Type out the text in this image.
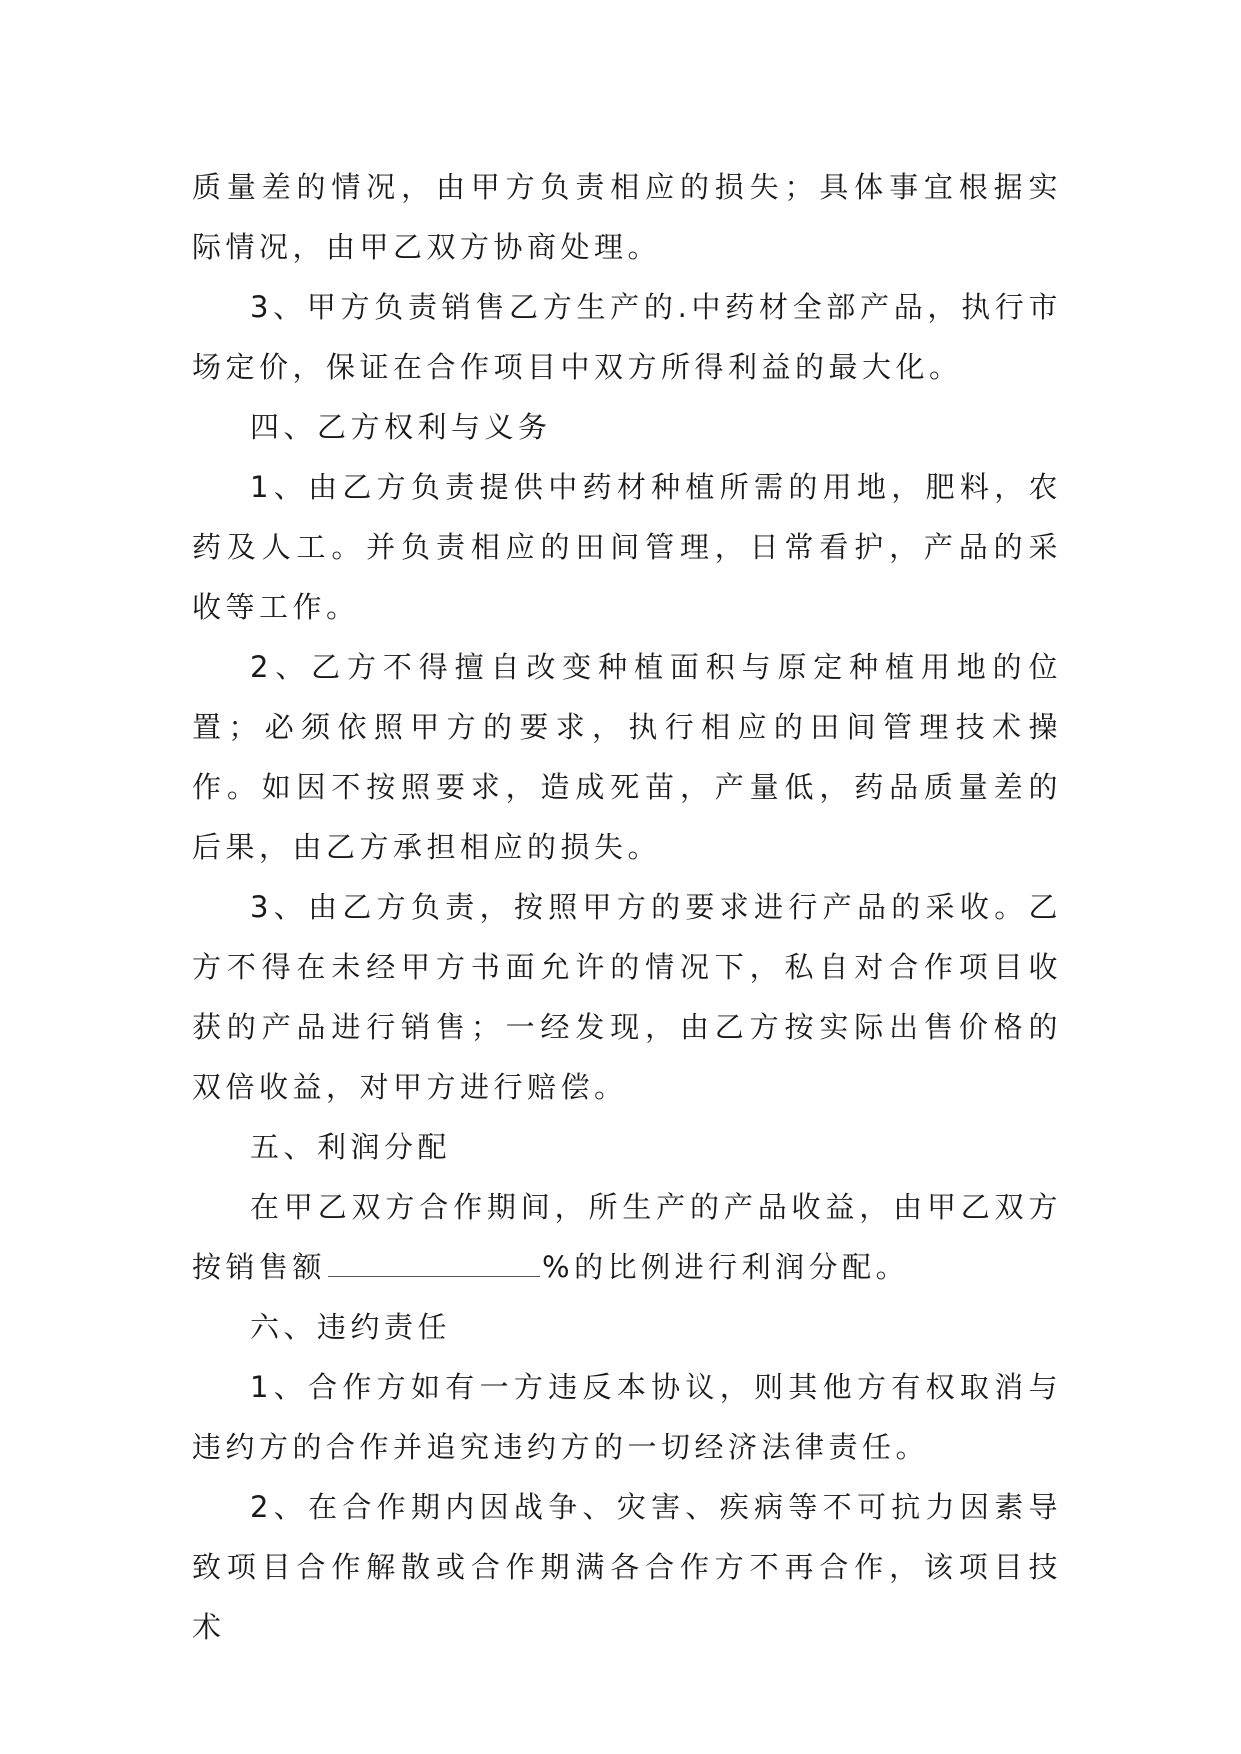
质量差的情况，由甲方负责相应的损失；具体事宜根据实际情况，由甲乙双方协商处理。

3、甲方负责销售乙方生产的.中药材全部产品，执行市场定价，保证在合作项目中双方所得利益的最大化。

四、乙方权利与义务

1、由乙方负责提供中药材种植所需的用地，肥料，农药及人工。并负责相应的田间管理，日常看护，产品的采收等工作。

2、乙方不得擅自改变种植面积与原定种植用地的位置；必须依照甲方的要求，执行相应的田间管理技术操作。如因不按照要求，造成死苗，产量低，药品质量差的后果，由乙方承担相应的损失。

3、由乙方负责，按照甲方的要求进行产品的采收。乙方不得在未经甲方书面允许的情况下，私自对合作项目收获的产品进行销售；一经发现，由乙方按实际出售价格的双倍收益，对甲方进行赔偿。

五、利润分配

在甲乙双方合作期间，所生产的产品收益，由甲乙双方按销售额	%的比例进行利润分配。

六、违约责任

1、合作方如有一方违反本协议，则其他方有权取消与违约方的合作并追究违约方的一切经济法律责任。

2、在合作期内因战争、灾害、疾病等不可抗力因素导致项目合作解散或合作期满各合作方不再合作，该项目技术
